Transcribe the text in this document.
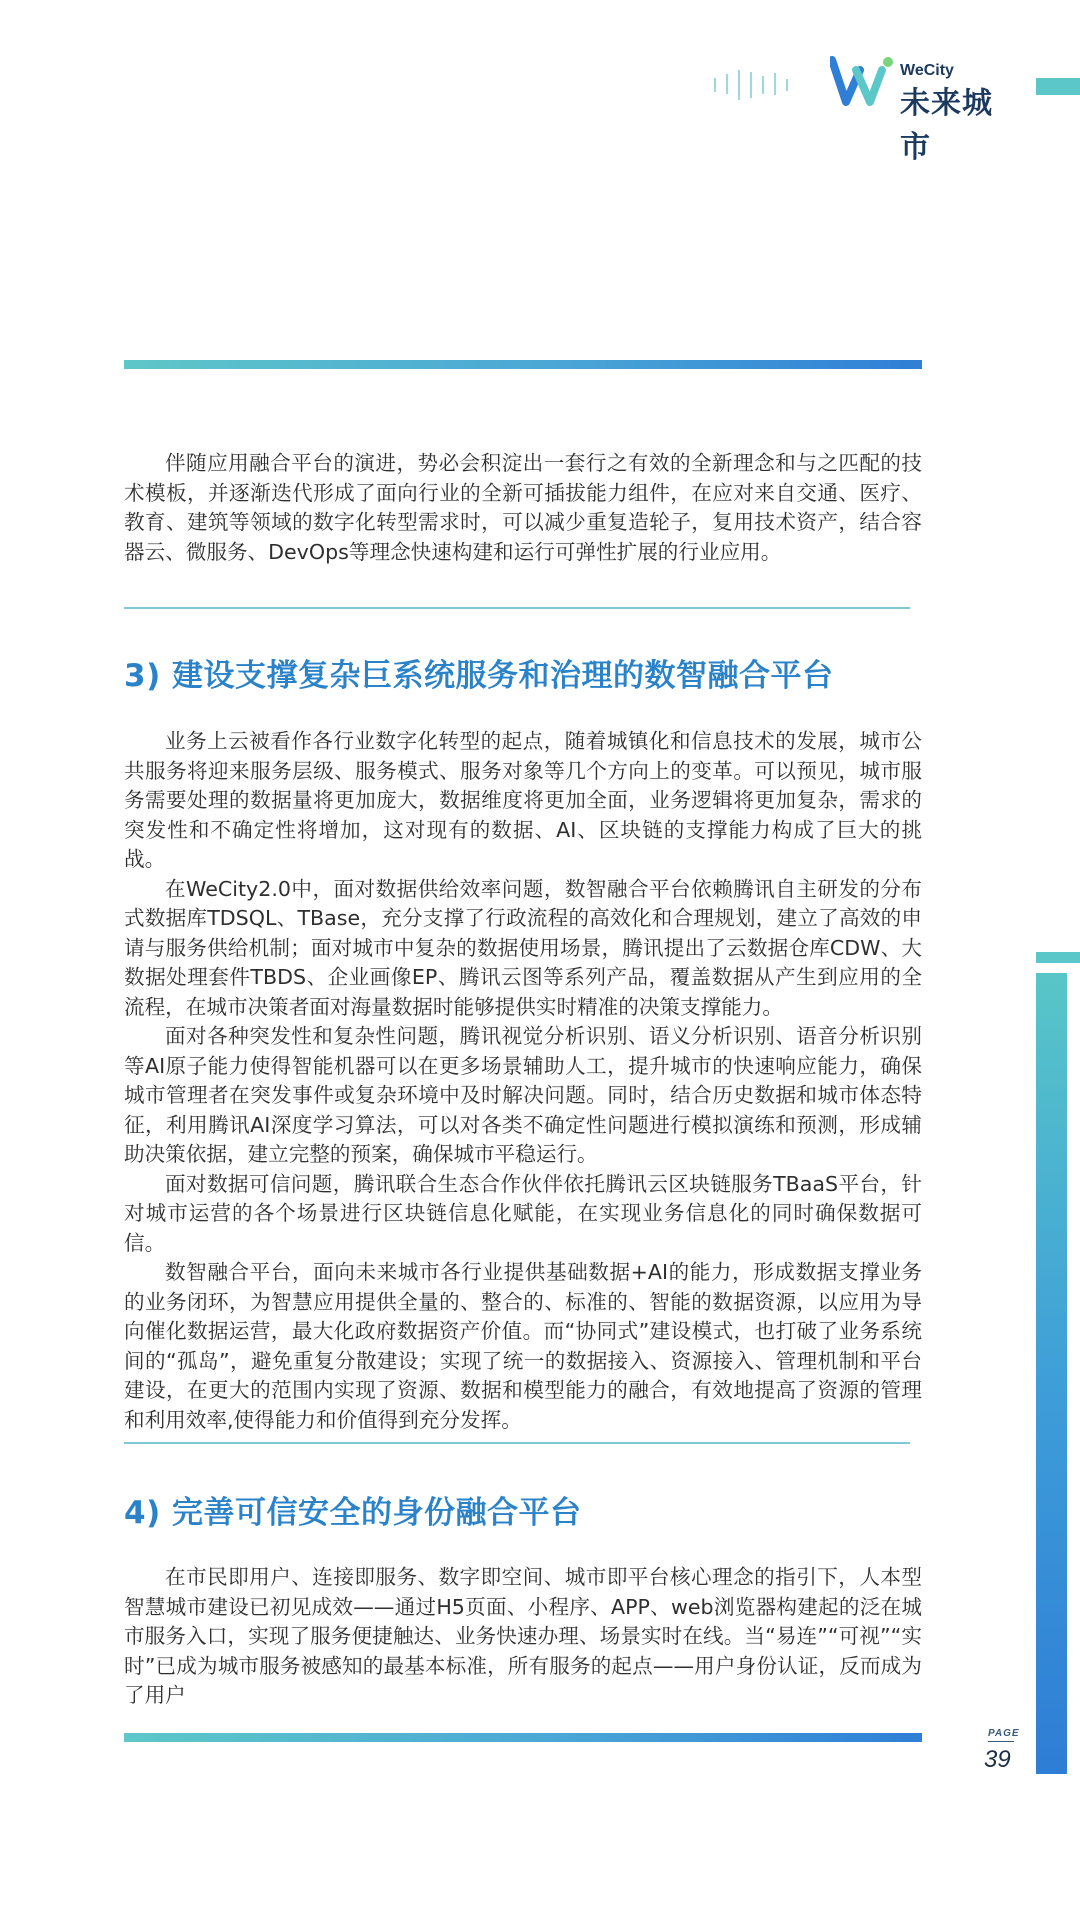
WeCity
未来城市

伴随应用融合平台的演进，势必会积淀出一套行之有效的全新理念和与之匹配的技术模板，并逐渐迭代形成了面向行业的全新可插拔能力组件，在应对来自交通、医疗、教育、建筑等领域的数字化转型需求时，可以减少重复造轮子，复用技术资产，结合容器云、微服务、DevOps等理念快速构建和运行可弹性扩展的行业应用。

3) 建设支撑复杂巨系统服务和治理的数智融合平台

业务上云被看作各行业数字化转型的起点，随着城镇化和信息技术的发展，城市公共服务将迎来服务层级、服务模式、服务对象等几个方向上的变革。可以预见，城市服务需要处理的数据量将更加庞大，数据维度将更加全面，业务逻辑将更加复杂，需求的突发性和不确定性将增加，这对现有的数据、AI、区块链的支撑能力构成了巨大的挑战。

在WeCity2.0中，面对数据供给效率问题，数智融合平台依赖腾讯自主研发的分布式数据库TDSQL、TBase，充分支撑了行政流程的高效化和合理规划，建立了高效的申请与服务供给机制；面对城市中复杂的数据使用场景，腾讯提出了云数据仓库CDW、大数据处理套件TBDS、企业画像EP、腾讯云图等系列产品，覆盖数据从产生到应用的全流程，在城市决策者面对海量数据时能够提供实时精准的决策支撑能力。

面对各种突发性和复杂性问题，腾讯视觉分析识别、语义分析识别、语音分析识别等AI原子能力使得智能机器可以在更多场景辅助人工，提升城市的快速响应能力，确保城市管理者在突发事件或复杂环境中及时解决问题。同时，结合历史数据和城市体态特征，利用腾讯AI深度学习算法，可以对各类不确定性问题进行模拟演练和预测，形成辅助决策依据，建立完整的预案，确保城市平稳运行。

面对数据可信问题，腾讯联合生态合作伙伴依托腾讯云区块链服务TBaaS平台，针对城市运营的各个场景进行区块链信息化赋能，在实现业务信息化的同时确保数据可信。

数智融合平台，面向未来城市各行业提供基础数据+AI的能力，形成数据支撑业务的业务闭环，为智慧应用提供全量的、整合的、标准的、智能的数据资源，以应用为导向催化数据运营，最大化政府数据资产价值。而“协同式”建设模式，也打破了业务系统间的“孤岛”，避免重复分散建设；实现了统一的数据接入、资源接入、管理机制和平台建设，在更大的范围内实现了资源、数据和模型能力的融合，有效地提高了资源的管理和利用效率,使得能力和价值得到充分发挥。

4) 完善可信安全的身份融合平台

在市民即用户、连接即服务、数字即空间、城市即平台核心理念的指引下，人本型智慧城市建设已初见成效——通过H5页面、小程序、APP、web浏览器构建起的泛在城市服务入口，实现了服务便捷触达、业务快速办理、场景实时在线。当“易连”“可视”“实时”已成为城市服务被感知的最基本标准，所有服务的起点——用户身份认证，反而成为了用户

PAGE
39
